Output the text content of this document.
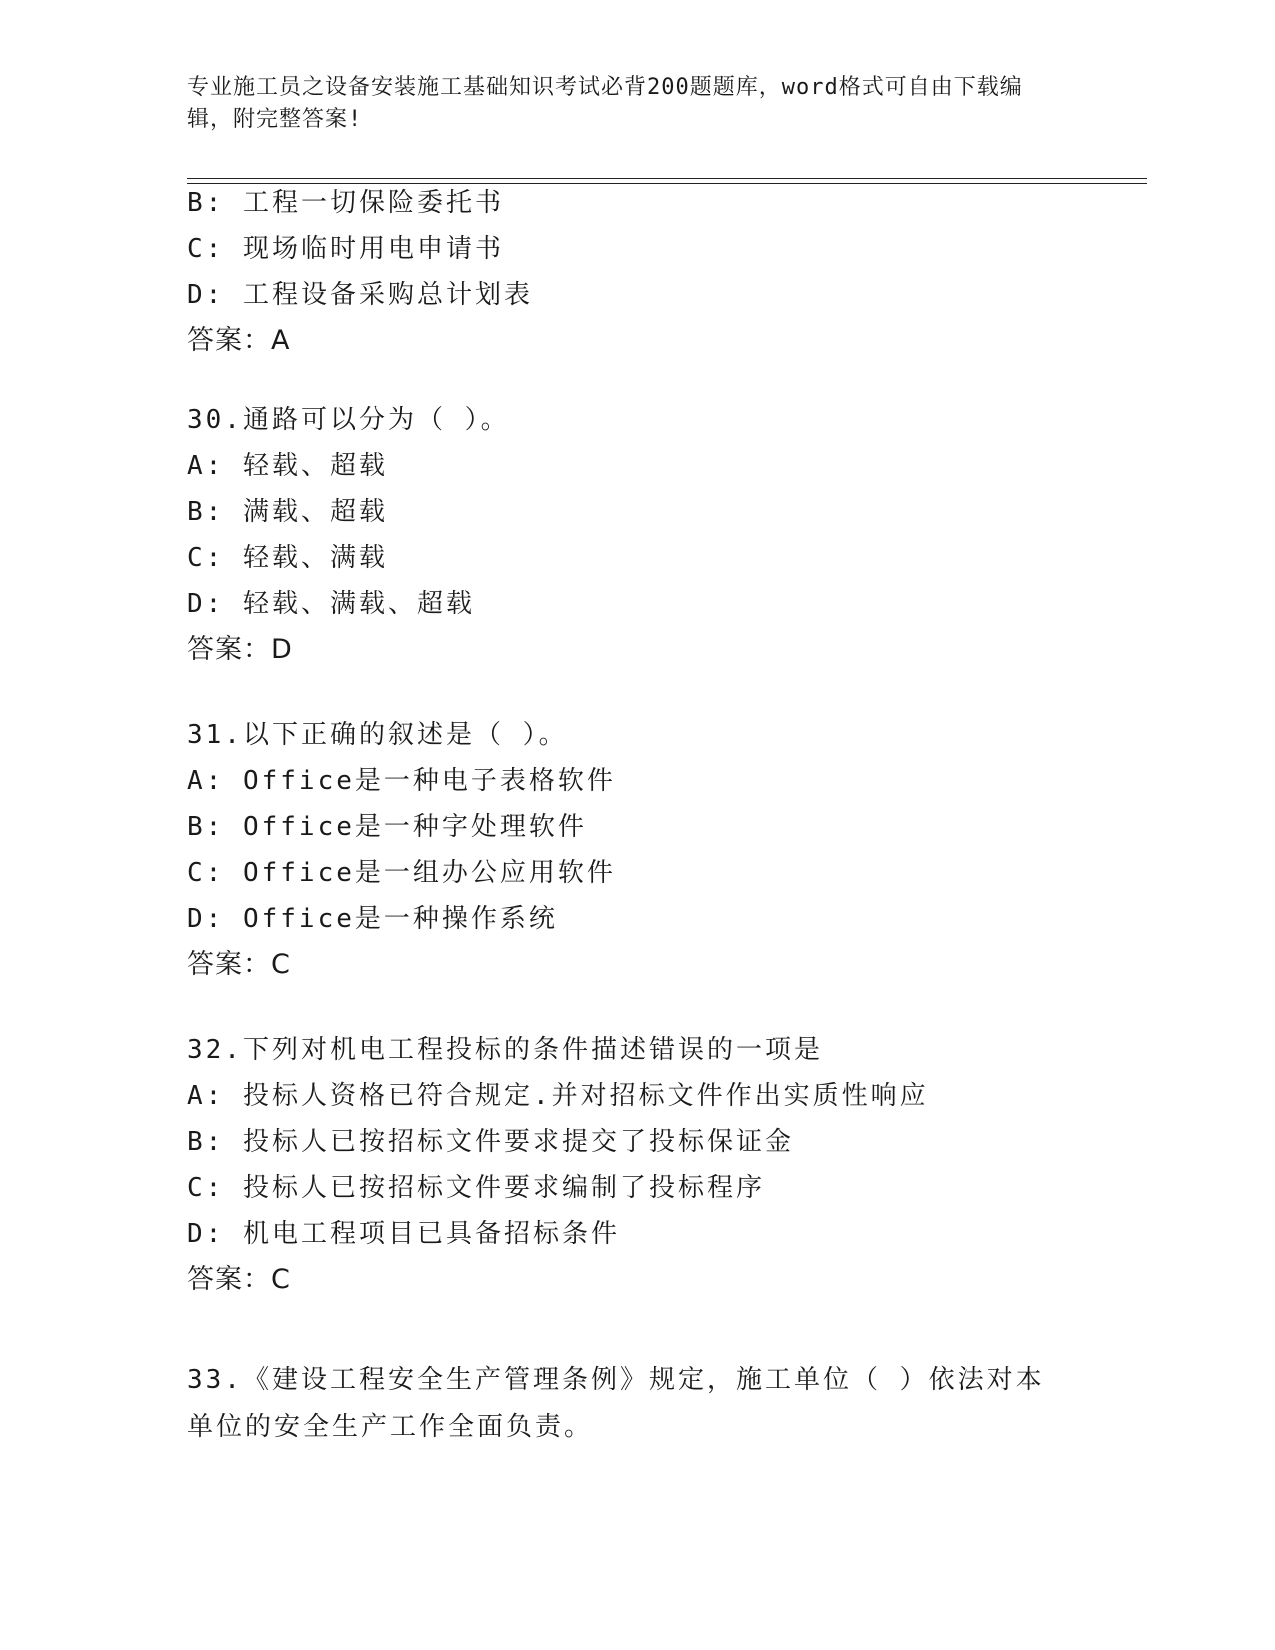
专业施工员之设备安装施工基础知识考试必背200题题库，word格式可自由下载编辑，附完整答案!
B: 工程一切保险委托书
C: 现场临时用电申请书
D: 工程设备采购总计划表
答案：A
30.通路可以分为（ ）。
A: 轻载、超载
B: 满载、超载
C: 轻载、满载
D: 轻载、满载、超载
答案：D
31.以下正确的叙述是（ ）。
A: Office是一种电子表格软件
B: Office是一种字处理软件
C: Office是一组办公应用软件
D: Office是一种操作系统
答案：C
32.下列对机电工程投标的条件描述错误的一项是
A: 投标人资格已符合规定.并对招标文件作出实质性响应
B: 投标人已按招标文件要求提交了投标保证金
C: 投标人已按招标文件要求编制了投标程序
D: 机电工程项目已具备招标条件
答案：C
33.《建设工程安全生产管理条例》规定，施工单位（ ）依法对本单位的安全生产工作全面负责。
